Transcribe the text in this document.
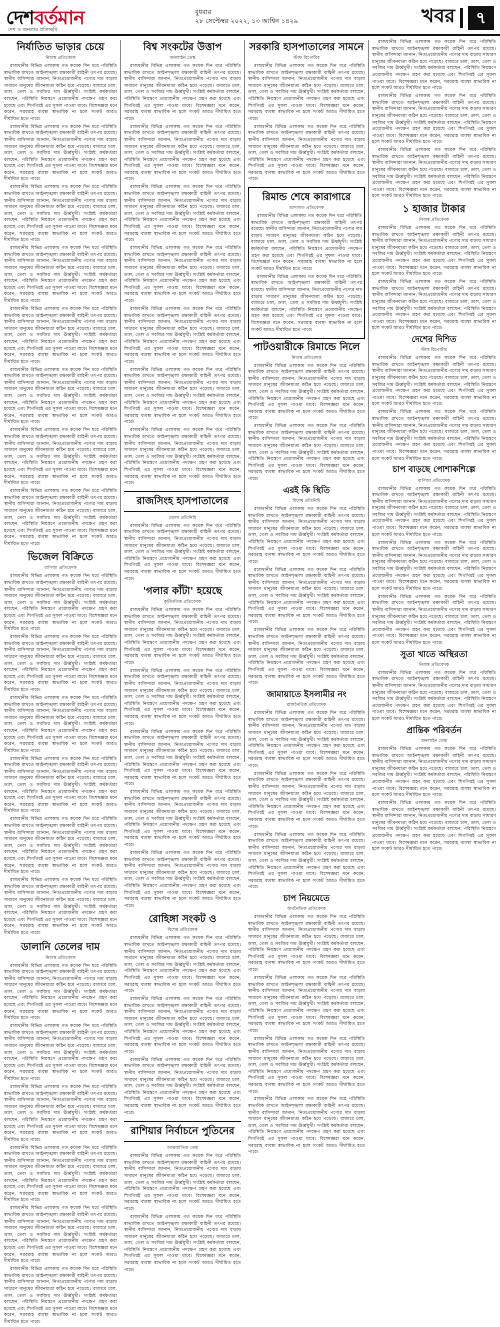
দেশবর্তমান
দেশ ও জনতার প্রতিচ্ছবি
বুধবার
২৮ সেপ্টেম্বর ২০২২, ১৩ আশ্বিন ১৪২৯	খবর	৭
নির্যাতিত ভাড়ার চেয়ে
নিজস্ব প্রতিবেদক

রাজধানীর বিভিন্ন এলাকায় গত কয়েক দিন ধরে পরিস্থিতি স্বাভাবিক রাখতে আইনশৃঙ্খলা রক্ষাকারী বাহিনী তৎপর রয়েছে। স্থানীয় বাসিন্দারা জানান, নিত্যপ্রয়োজনীয় পণ্যের দাম বাড়ায় সাধারণ মানুষের জীবনযাত্রা কঠিন হয়ে পড়েছে। বাজারে চাল, ডাল, তেল ও সবজির দাম ঊর্ধ্বমুখী। সংশ্লিষ্ট কর্মকর্তারা বলছেন, পরিস্থিতি নিয়ন্ত্রণে প্রয়োজনীয় পদক্ষেপ গ্রহণ করা হয়েছে এবং শিগগিরই এর সুফল পাওয়া যাবে। বিশেষজ্ঞরা মনে করেন, সরবরাহ ব্যবস্থা স্বাভাবিক না হলে সংকট আরও দীর্ঘায়িত হতে পারে।

রাজধানীর বিভিন্ন এলাকায় গত কয়েক দিন ধরে পরিস্থিতি স্বাভাবিক রাখতে আইনশৃঙ্খলা রক্ষাকারী বাহিনী তৎপর রয়েছে। স্থানীয় বাসিন্দারা জানান, নিত্যপ্রয়োজনীয় পণ্যের দাম বাড়ায় সাধারণ মানুষের জীবনযাত্রা কঠিন হয়ে পড়েছে। বাজারে চাল, ডাল, তেল ও সবজির দাম ঊর্ধ্বমুখী। সংশ্লিষ্ট কর্মকর্তারা বলছেন, পরিস্থিতি নিয়ন্ত্রণে প্রয়োজনীয় পদক্ষেপ গ্রহণ করা হয়েছে এবং শিগগিরই এর সুফল পাওয়া যাবে। বিশেষজ্ঞরা মনে করেন, সরবরাহ ব্যবস্থা স্বাভাবিক না হলে সংকট আরও দীর্ঘায়িত হতে পারে।

রাজধানীর বিভিন্ন এলাকায় গত কয়েক দিন ধরে পরিস্থিতি স্বাভাবিক রাখতে আইনশৃঙ্খলা রক্ষাকারী বাহিনী তৎপর রয়েছে। স্থানীয় বাসিন্দারা জানান, নিত্যপ্রয়োজনীয় পণ্যের দাম বাড়ায় সাধারণ মানুষের জীবনযাত্রা কঠিন হয়ে পড়েছে। বাজারে চাল, ডাল, তেল ও সবজির দাম ঊর্ধ্বমুখী। সংশ্লিষ্ট কর্মকর্তারা বলছেন, পরিস্থিতি নিয়ন্ত্রণে প্রয়োজনীয় পদক্ষেপ গ্রহণ করা হয়েছে এবং শিগগিরই এর সুফল পাওয়া যাবে। বিশেষজ্ঞরা মনে করেন, সরবরাহ ব্যবস্থা স্বাভাবিক না হলে সংকট আরও দীর্ঘায়িত হতে পারে।

রাজধানীর বিভিন্ন এলাকায় গত কয়েক দিন ধরে পরিস্থিতি স্বাভাবিক রাখতে আইনশৃঙ্খলা রক্ষাকারী বাহিনী তৎপর রয়েছে। স্থানীয় বাসিন্দারা জানান, নিত্যপ্রয়োজনীয় পণ্যের দাম বাড়ায় সাধারণ মানুষের জীবনযাত্রা কঠিন হয়ে পড়েছে। বাজারে চাল, ডাল, তেল ও সবজির দাম ঊর্ধ্বমুখী। সংশ্লিষ্ট কর্মকর্তারা বলছেন, পরিস্থিতি নিয়ন্ত্রণে প্রয়োজনীয় পদক্ষেপ গ্রহণ করা হয়েছে এবং শিগগিরই এর সুফল পাওয়া যাবে। বিশেষজ্ঞরা মনে করেন, সরবরাহ ব্যবস্থা স্বাভাবিক না হলে সংকট আরও দীর্ঘায়িত হতে পারে।

রাজধানীর বিভিন্ন এলাকায় গত কয়েক দিন ধরে পরিস্থিতি স্বাভাবিক রাখতে আইনশৃঙ্খলা রক্ষাকারী বাহিনী তৎপর রয়েছে। স্থানীয় বাসিন্দারা জানান, নিত্যপ্রয়োজনীয় পণ্যের দাম বাড়ায় সাধারণ মানুষের জীবনযাত্রা কঠিন হয়ে পড়েছে। বাজারে চাল, ডাল, তেল ও সবজির দাম ঊর্ধ্বমুখী। সংশ্লিষ্ট কর্মকর্তারা বলছেন, পরিস্থিতি নিয়ন্ত্রণে প্রয়োজনীয় পদক্ষেপ গ্রহণ করা হয়েছে এবং শিগগিরই এর সুফল পাওয়া যাবে। বিশেষজ্ঞরা মনে করেন, সরবরাহ ব্যবস্থা স্বাভাবিক না হলে সংকট আরও দীর্ঘায়িত হতে পারে।

রাজধানীর বিভিন্ন এলাকায় গত কয়েক দিন ধরে পরিস্থিতি স্বাভাবিক রাখতে আইনশৃঙ্খলা রক্ষাকারী বাহিনী তৎপর রয়েছে। স্থানীয় বাসিন্দারা জানান, নিত্যপ্রয়োজনীয় পণ্যের দাম বাড়ায় সাধারণ মানুষের জীবনযাত্রা কঠিন হয়ে পড়েছে। বাজারে চাল, ডাল, তেল ও সবজির দাম ঊর্ধ্বমুখী। সংশ্লিষ্ট কর্মকর্তারা বলছেন, পরিস্থিতি নিয়ন্ত্রণে প্রয়োজনীয় পদক্ষেপ গ্রহণ করা হয়েছে এবং শিগগিরই এর সুফল পাওয়া যাবে। বিশেষজ্ঞরা মনে করেন, সরবরাহ ব্যবস্থা স্বাভাবিক না হলে সংকট আরও দীর্ঘায়িত হতে পারে।

রাজধানীর বিভিন্ন এলাকায় গত কয়েক দিন ধরে পরিস্থিতি স্বাভাবিক রাখতে আইনশৃঙ্খলা রক্ষাকারী বাহিনী তৎপর রয়েছে। স্থানীয় বাসিন্দারা জানান, নিত্যপ্রয়োজনীয় পণ্যের দাম বাড়ায় সাধারণ মানুষের জীবনযাত্রা কঠিন হয়ে পড়েছে। বাজারে চাল, ডাল, তেল ও সবজির দাম ঊর্ধ্বমুখী। সংশ্লিষ্ট কর্মকর্তারা বলছেন, পরিস্থিতি নিয়ন্ত্রণে প্রয়োজনীয় পদক্ষেপ গ্রহণ করা হয়েছে এবং শিগগিরই এর সুফল পাওয়া যাবে। বিশেষজ্ঞরা মনে করেন, সরবরাহ ব্যবস্থা স্বাভাবিক না হলে সংকট আরও দীর্ঘায়িত হতে পারে।

রাজধানীর বিভিন্ন এলাকায় গত কয়েক দিন ধরে পরিস্থিতি স্বাভাবিক রাখতে আইনশৃঙ্খলা রক্ষাকারী বাহিনী তৎপর রয়েছে। স্থানীয় বাসিন্দারা জানান, নিত্যপ্রয়োজনীয় পণ্যের দাম বাড়ায় সাধারণ মানুষের জীবনযাত্রা কঠিন হয়ে পড়েছে। বাজারে চাল, ডাল, তেল ও সবজির দাম ঊর্ধ্বমুখী। সংশ্লিষ্ট কর্মকর্তারা বলছেন, পরিস্থিতি নিয়ন্ত্রণে প্রয়োজনীয় পদক্ষেপ গ্রহণ করা হয়েছে এবং শিগগিরই এর সুফল পাওয়া যাবে। বিশেষজ্ঞরা মনে করেন, সরবরাহ ব্যবস্থা স্বাভাবিক না হলে সংকট আরও দীর্ঘায়িত হতে পারে।

ভিজেল বিক্রিতে
বাণিজ্য প্রতিবেদক

রাজধানীর বিভিন্ন এলাকায় গত কয়েক দিন ধরে পরিস্থিতি স্বাভাবিক রাখতে আইনশৃঙ্খলা রক্ষাকারী বাহিনী তৎপর রয়েছে। স্থানীয় বাসিন্দারা জানান, নিত্যপ্রয়োজনীয় পণ্যের দাম বাড়ায় সাধারণ মানুষের জীবনযাত্রা কঠিন হয়ে পড়েছে। বাজারে চাল, ডাল, তেল ও সবজির দাম ঊর্ধ্বমুখী। সংশ্লিষ্ট কর্মকর্তারা বলছেন, পরিস্থিতি নিয়ন্ত্রণে প্রয়োজনীয় পদক্ষেপ গ্রহণ করা হয়েছে এবং শিগগিরই এর সুফল পাওয়া যাবে। বিশেষজ্ঞরা মনে করেন, সরবরাহ ব্যবস্থা স্বাভাবিক না হলে সংকট আরও দীর্ঘায়িত হতে পারে।

রাজধানীর বিভিন্ন এলাকায় গত কয়েক দিন ধরে পরিস্থিতি স্বাভাবিক রাখতে আইনশৃঙ্খলা রক্ষাকারী বাহিনী তৎপর রয়েছে। স্থানীয় বাসিন্দারা জানান, নিত্যপ্রয়োজনীয় পণ্যের দাম বাড়ায় সাধারণ মানুষের জীবনযাত্রা কঠিন হয়ে পড়েছে। বাজারে চাল, ডাল, তেল ও সবজির দাম ঊর্ধ্বমুখী। সংশ্লিষ্ট কর্মকর্তারা বলছেন, পরিস্থিতি নিয়ন্ত্রণে প্রয়োজনীয় পদক্ষেপ গ্রহণ করা হয়েছে এবং শিগগিরই এর সুফল পাওয়া যাবে। বিশেষজ্ঞরা মনে করেন, সরবরাহ ব্যবস্থা স্বাভাবিক না হলে সংকট আরও দীর্ঘায়িত হতে পারে।

রাজধানীর বিভিন্ন এলাকায় গত কয়েক দিন ধরে পরিস্থিতি স্বাভাবিক রাখতে আইনশৃঙ্খলা রক্ষাকারী বাহিনী তৎপর রয়েছে। স্থানীয় বাসিন্দারা জানান, নিত্যপ্রয়োজনীয় পণ্যের দাম বাড়ায় সাধারণ মানুষের জীবনযাত্রা কঠিন হয়ে পড়েছে। বাজারে চাল, ডাল, তেল ও সবজির দাম ঊর্ধ্বমুখী। সংশ্লিষ্ট কর্মকর্তারা বলছেন, পরিস্থিতি নিয়ন্ত্রণে প্রয়োজনীয় পদক্ষেপ গ্রহণ করা হয়েছে এবং শিগগিরই এর সুফল পাওয়া যাবে। বিশেষজ্ঞরা মনে করেন, সরবরাহ ব্যবস্থা স্বাভাবিক না হলে সংকট আরও দীর্ঘায়িত হতে পারে।

রাজধানীর বিভিন্ন এলাকায় গত কয়েক দিন ধরে পরিস্থিতি স্বাভাবিক রাখতে আইনশৃঙ্খলা রক্ষাকারী বাহিনী তৎপর রয়েছে। স্থানীয় বাসিন্দারা জানান, নিত্যপ্রয়োজনীয় পণ্যের দাম বাড়ায় সাধারণ মানুষের জীবনযাত্রা কঠিন হয়ে পড়েছে। বাজারে চাল, ডাল, তেল ও সবজির দাম ঊর্ধ্বমুখী। সংশ্লিষ্ট কর্মকর্তারা বলছেন, পরিস্থিতি নিয়ন্ত্রণে প্রয়োজনীয় পদক্ষেপ গ্রহণ করা হয়েছে এবং শিগগিরই এর সুফল পাওয়া যাবে। বিশেষজ্ঞরা মনে করেন, সরবরাহ ব্যবস্থা স্বাভাবিক না হলে সংকট আরও দীর্ঘায়িত হতে পারে।

রাজধানীর বিভিন্ন এলাকায় গত কয়েক দিন ধরে পরিস্থিতি স্বাভাবিক রাখতে আইনশৃঙ্খলা রক্ষাকারী বাহিনী তৎপর রয়েছে। স্থানীয় বাসিন্দারা জানান, নিত্যপ্রয়োজনীয় পণ্যের দাম বাড়ায় সাধারণ মানুষের জীবনযাত্রা কঠিন হয়ে পড়েছে। বাজারে চাল, ডাল, তেল ও সবজির দাম ঊর্ধ্বমুখী। সংশ্লিষ্ট কর্মকর্তারা বলছেন, পরিস্থিতি নিয়ন্ত্রণে প্রয়োজনীয় পদক্ষেপ গ্রহণ করা হয়েছে এবং শিগগিরই এর সুফল পাওয়া যাবে। বিশেষজ্ঞরা মনে করেন, সরবরাহ ব্যবস্থা স্বাভাবিক না হলে সংকট আরও দীর্ঘায়িত হতে পারে।

রাজধানীর বিভিন্ন এলাকায় গত কয়েক দিন ধরে পরিস্থিতি স্বাভাবিক রাখতে আইনশৃঙ্খলা রক্ষাকারী বাহিনী তৎপর রয়েছে। স্থানীয় বাসিন্দারা জানান, নিত্যপ্রয়োজনীয় পণ্যের দাম বাড়ায় সাধারণ মানুষের জীবনযাত্রা কঠিন হয়ে পড়েছে। বাজারে চাল, ডাল, তেল ও সবজির দাম ঊর্ধ্বমুখী। সংশ্লিষ্ট কর্মকর্তারা বলছেন, পরিস্থিতি নিয়ন্ত্রণে প্রয়োজনীয় পদক্ষেপ গ্রহণ করা হয়েছে এবং শিগগিরই এর সুফল পাওয়া যাবে। বিশেষজ্ঞরা মনে করেন, সরবরাহ ব্যবস্থা স্বাভাবিক না হলে সংকট আরও দীর্ঘায়িত হতে পারে।

ডালানি তেলের দাম
নিজস্ব প্রতিবেদক

রাজধানীর বিভিন্ন এলাকায় গত কয়েক দিন ধরে পরিস্থিতি স্বাভাবিক রাখতে আইনশৃঙ্খলা রক্ষাকারী বাহিনী তৎপর রয়েছে। স্থানীয় বাসিন্দারা জানান, নিত্যপ্রয়োজনীয় পণ্যের দাম বাড়ায় সাধারণ মানুষের জীবনযাত্রা কঠিন হয়ে পড়েছে। বাজারে চাল, ডাল, তেল ও সবজির দাম ঊর্ধ্বমুখী। সংশ্লিষ্ট কর্মকর্তারা বলছেন, পরিস্থিতি নিয়ন্ত্রণে প্রয়োজনীয় পদক্ষেপ গ্রহণ করা হয়েছে এবং শিগগিরই এর সুফল পাওয়া যাবে। বিশেষজ্ঞরা মনে করেন, সরবরাহ ব্যবস্থা স্বাভাবিক না হলে সংকট আরও দীর্ঘায়িত হতে পারে।

রাজধানীর বিভিন্ন এলাকায় গত কয়েক দিন ধরে পরিস্থিতি স্বাভাবিক রাখতে আইনশৃঙ্খলা রক্ষাকারী বাহিনী তৎপর রয়েছে। স্থানীয় বাসিন্দারা জানান, নিত্যপ্রয়োজনীয় পণ্যের দাম বাড়ায় সাধারণ মানুষের জীবনযাত্রা কঠিন হয়ে পড়েছে। বাজারে চাল, ডাল, তেল ও সবজির দাম ঊর্ধ্বমুখী। সংশ্লিষ্ট কর্মকর্তারা বলছেন, পরিস্থিতি নিয়ন্ত্রণে প্রয়োজনীয় পদক্ষেপ গ্রহণ করা হয়েছে এবং শিগগিরই এর সুফল পাওয়া যাবে। বিশেষজ্ঞরা মনে করেন, সরবরাহ ব্যবস্থা স্বাভাবিক না হলে সংকট আরও দীর্ঘায়িত হতে পারে।

রাজধানীর বিভিন্ন এলাকায় গত কয়েক দিন ধরে পরিস্থিতি স্বাভাবিক রাখতে আইনশৃঙ্খলা রক্ষাকারী বাহিনী তৎপর রয়েছে। স্থানীয় বাসিন্দারা জানান, নিত্যপ্রয়োজনীয় পণ্যের দাম বাড়ায় সাধারণ মানুষের জীবনযাত্রা কঠিন হয়ে পড়েছে। বাজারে চাল, ডাল, তেল ও সবজির দাম ঊর্ধ্বমুখী। সংশ্লিষ্ট কর্মকর্তারা বলছেন, পরিস্থিতি নিয়ন্ত্রণে প্রয়োজনীয় পদক্ষেপ গ্রহণ করা হয়েছে এবং শিগগিরই এর সুফল পাওয়া যাবে। বিশেষজ্ঞরা মনে করেন, সরবরাহ ব্যবস্থা স্বাভাবিক না হলে সংকট আরও দীর্ঘায়িত হতে পারে।

রাজধানীর বিভিন্ন এলাকায় গত কয়েক দিন ধরে পরিস্থিতি স্বাভাবিক রাখতে আইনশৃঙ্খলা রক্ষাকারী বাহিনী তৎপর রয়েছে। স্থানীয় বাসিন্দারা জানান, নিত্যপ্রয়োজনীয় পণ্যের দাম বাড়ায় সাধারণ মানুষের জীবনযাত্রা কঠিন হয়ে পড়েছে। বাজারে চাল, ডাল, তেল ও সবজির দাম ঊর্ধ্বমুখী। সংশ্লিষ্ট কর্মকর্তারা বলছেন, পরিস্থিতি নিয়ন্ত্রণে প্রয়োজনীয় পদক্ষেপ গ্রহণ করা হয়েছে এবং শিগগিরই এর সুফল পাওয়া যাবে। বিশেষজ্ঞরা মনে করেন, সরবরাহ ব্যবস্থা স্বাভাবিক না হলে সংকট আরও দীর্ঘায়িত হতে পারে।

রাজধানীর বিভিন্ন এলাকায় গত কয়েক দিন ধরে পরিস্থিতি স্বাভাবিক রাখতে আইনশৃঙ্খলা রক্ষাকারী বাহিনী তৎপর রয়েছে। স্থানীয় বাসিন্দারা জানান, নিত্যপ্রয়োজনীয় পণ্যের দাম বাড়ায় সাধারণ মানুষের জীবনযাত্রা কঠিন হয়ে পড়েছে। বাজারে চাল, ডাল, তেল ও সবজির দাম ঊর্ধ্বমুখী। সংশ্লিষ্ট কর্মকর্তারা বলছেন, পরিস্থিতি নিয়ন্ত্রণে প্রয়োজনীয় পদক্ষেপ গ্রহণ করা হয়েছে এবং শিগগিরই এর সুফল পাওয়া যাবে। বিশেষজ্ঞরা মনে করেন, সরবরাহ ব্যবস্থা স্বাভাবিক না হলে সংকট আরও দীর্ঘায়িত হতে পারে।

রাজধানীর বিভিন্ন এলাকায় গত কয়েক দিন ধরে পরিস্থিতি স্বাভাবিক রাখতে আইনশৃঙ্খলা রক্ষাকারী বাহিনী তৎপর রয়েছে। স্থানীয় বাসিন্দারা জানান, নিত্যপ্রয়োজনীয় পণ্যের দাম বাড়ায় সাধারণ মানুষের জীবনযাত্রা কঠিন হয়ে পড়েছে। বাজারে চাল, ডাল, তেল ও সবজির দাম ঊর্ধ্বমুখী। সংশ্লিষ্ট কর্মকর্তারা বলছেন, পরিস্থিতি নিয়ন্ত্রণে প্রয়োজনীয় পদক্ষেপ গ্রহণ করা হয়েছে এবং শিগগিরই এর সুফল পাওয়া যাবে। বিশেষজ্ঞরা মনে করেন, সরবরাহ ব্যবস্থা স্বাভাবিক না হলে সংকট আরও দীর্ঘায়িত হতে পারে।

বিশ্ব সংকটের উত্তাপ
অনলাইন ডেস্ক

রাজধানীর বিভিন্ন এলাকায় গত কয়েক দিন ধরে পরিস্থিতি স্বাভাবিক রাখতে আইনশৃঙ্খলা রক্ষাকারী বাহিনী তৎপর রয়েছে। স্থানীয় বাসিন্দারা জানান, নিত্যপ্রয়োজনীয় পণ্যের দাম বাড়ায় সাধারণ মানুষের জীবনযাত্রা কঠিন হয়ে পড়েছে। বাজারে চাল, ডাল, তেল ও সবজির দাম ঊর্ধ্বমুখী। সংশ্লিষ্ট কর্মকর্তারা বলছেন, পরিস্থিতি নিয়ন্ত্রণে প্রয়োজনীয় পদক্ষেপ গ্রহণ করা হয়েছে এবং শিগগিরই এর সুফল পাওয়া যাবে। বিশেষজ্ঞরা মনে করেন, সরবরাহ ব্যবস্থা স্বাভাবিক না হলে সংকট আরও দীর্ঘায়িত হতে পারে।

রাজধানীর বিভিন্ন এলাকায় গত কয়েক দিন ধরে পরিস্থিতি স্বাভাবিক রাখতে আইনশৃঙ্খলা রক্ষাকারী বাহিনী তৎপর রয়েছে। স্থানীয় বাসিন্দারা জানান, নিত্যপ্রয়োজনীয় পণ্যের দাম বাড়ায় সাধারণ মানুষের জীবনযাত্রা কঠিন হয়ে পড়েছে। বাজারে চাল, ডাল, তেল ও সবজির দাম ঊর্ধ্বমুখী। সংশ্লিষ্ট কর্মকর্তারা বলছেন, পরিস্থিতি নিয়ন্ত্রণে প্রয়োজনীয় পদক্ষেপ গ্রহণ করা হয়েছে এবং শিগগিরই এর সুফল পাওয়া যাবে। বিশেষজ্ঞরা মনে করেন, সরবরাহ ব্যবস্থা স্বাভাবিক না হলে সংকট আরও দীর্ঘায়িত হতে পারে।

রাজধানীর বিভিন্ন এলাকায় গত কয়েক দিন ধরে পরিস্থিতি স্বাভাবিক রাখতে আইনশৃঙ্খলা রক্ষাকারী বাহিনী তৎপর রয়েছে। স্থানীয় বাসিন্দারা জানান, নিত্যপ্রয়োজনীয় পণ্যের দাম বাড়ায় সাধারণ মানুষের জীবনযাত্রা কঠিন হয়ে পড়েছে। বাজারে চাল, ডাল, তেল ও সবজির দাম ঊর্ধ্বমুখী। সংশ্লিষ্ট কর্মকর্তারা বলছেন, পরিস্থিতি নিয়ন্ত্রণে প্রয়োজনীয় পদক্ষেপ গ্রহণ করা হয়েছে এবং শিগগিরই এর সুফল পাওয়া যাবে। বিশেষজ্ঞরা মনে করেন, সরবরাহ ব্যবস্থা স্বাভাবিক না হলে সংকট আরও দীর্ঘায়িত হতে পারে।

রাজধানীর বিভিন্ন এলাকায় গত কয়েক দিন ধরে পরিস্থিতি স্বাভাবিক রাখতে আইনশৃঙ্খলা রক্ষাকারী বাহিনী তৎপর রয়েছে। স্থানীয় বাসিন্দারা জানান, নিত্যপ্রয়োজনীয় পণ্যের দাম বাড়ায় সাধারণ মানুষের জীবনযাত্রা কঠিন হয়ে পড়েছে। বাজারে চাল, ডাল, তেল ও সবজির দাম ঊর্ধ্বমুখী। সংশ্লিষ্ট কর্মকর্তারা বলছেন, পরিস্থিতি নিয়ন্ত্রণে প্রয়োজনীয় পদক্ষেপ গ্রহণ করা হয়েছে এবং শিগগিরই এর সুফল পাওয়া যাবে। বিশেষজ্ঞরা মনে করেন, সরবরাহ ব্যবস্থা স্বাভাবিক না হলে সংকট আরও দীর্ঘায়িত হতে পারে।

রাজধানীর বিভিন্ন এলাকায় গত কয়েক দিন ধরে পরিস্থিতি স্বাভাবিক রাখতে আইনশৃঙ্খলা রক্ষাকারী বাহিনী তৎপর রয়েছে। স্থানীয় বাসিন্দারা জানান, নিত্যপ্রয়োজনীয় পণ্যের দাম বাড়ায় সাধারণ মানুষের জীবনযাত্রা কঠিন হয়ে পড়েছে। বাজারে চাল, ডাল, তেল ও সবজির দাম ঊর্ধ্বমুখী। সংশ্লিষ্ট কর্মকর্তারা বলছেন, পরিস্থিতি নিয়ন্ত্রণে প্রয়োজনীয় পদক্ষেপ গ্রহণ করা হয়েছে এবং শিগগিরই এর সুফল পাওয়া যাবে। বিশেষজ্ঞরা মনে করেন, সরবরাহ ব্যবস্থা স্বাভাবিক না হলে সংকট আরও দীর্ঘায়িত হতে পারে।

রাজধানীর বিভিন্ন এলাকায় গত কয়েক দিন ধরে পরিস্থিতি স্বাভাবিক রাখতে আইনশৃঙ্খলা রক্ষাকারী বাহিনী তৎপর রয়েছে। স্থানীয় বাসিন্দারা জানান, নিত্যপ্রয়োজনীয় পণ্যের দাম বাড়ায় সাধারণ মানুষের জীবনযাত্রা কঠিন হয়ে পড়েছে। বাজারে চাল, ডাল, তেল ও সবজির দাম ঊর্ধ্বমুখী। সংশ্লিষ্ট কর্মকর্তারা বলছেন, পরিস্থিতি নিয়ন্ত্রণে প্রয়োজনীয় পদক্ষেপ গ্রহণ করা হয়েছে এবং শিগগিরই এর সুফল পাওয়া যাবে। বিশেষজ্ঞরা মনে করেন, সরবরাহ ব্যবস্থা স্বাভাবিক না হলে সংকট আরও দীর্ঘায়িত হতে পারে।

রাজধানীর বিভিন্ন এলাকায় গত কয়েক দিন ধরে পরিস্থিতি স্বাভাবিক রাখতে আইনশৃঙ্খলা রক্ষাকারী বাহিনী তৎপর রয়েছে। স্থানীয় বাসিন্দারা জানান, নিত্যপ্রয়োজনীয় পণ্যের দাম বাড়ায় সাধারণ মানুষের জীবনযাত্রা কঠিন হয়ে পড়েছে। বাজারে চাল, ডাল, তেল ও সবজির দাম ঊর্ধ্বমুখী। সংশ্লিষ্ট কর্মকর্তারা বলছেন, পরিস্থিতি নিয়ন্ত্রণে প্রয়োজনীয় পদক্ষেপ গ্রহণ করা হয়েছে এবং শিগগিরই এর সুফল পাওয়া যাবে। বিশেষজ্ঞরা মনে করেন, সরবরাহ ব্যবস্থা স্বাভাবিক না হলে সংকট আরও দীর্ঘায়িত হতে পারে।

রাজসিংহ হাসপাতালের
জেলা প্রতিনিধি

রাজধানীর বিভিন্ন এলাকায় গত কয়েক দিন ধরে পরিস্থিতি স্বাভাবিক রাখতে আইনশৃঙ্খলা রক্ষাকারী বাহিনী তৎপর রয়েছে। স্থানীয় বাসিন্দারা জানান, নিত্যপ্রয়োজনীয় পণ্যের দাম বাড়ায় সাধারণ মানুষের জীবনযাত্রা কঠিন হয়ে পড়েছে। বাজারে চাল, ডাল, তেল ও সবজির দাম ঊর্ধ্বমুখী। সংশ্লিষ্ট কর্মকর্তারা বলছেন, পরিস্থিতি নিয়ন্ত্রণে প্রয়োজনীয় পদক্ষেপ গ্রহণ করা হয়েছে এবং শিগগিরই এর সুফল পাওয়া যাবে। বিশেষজ্ঞরা মনে করেন, সরবরাহ ব্যবস্থা স্বাভাবিক না হলে সংকট আরও দীর্ঘায়িত হতে পারে।

'গলার কাঁটা' হয়েছে
কূটনৈতিক প্রতিবেদক

রাজধানীর বিভিন্ন এলাকায় গত কয়েক দিন ধরে পরিস্থিতি স্বাভাবিক রাখতে আইনশৃঙ্খলা রক্ষাকারী বাহিনী তৎপর রয়েছে। স্থানীয় বাসিন্দারা জানান, নিত্যপ্রয়োজনীয় পণ্যের দাম বাড়ায় সাধারণ মানুষের জীবনযাত্রা কঠিন হয়ে পড়েছে। বাজারে চাল, ডাল, তেল ও সবজির দাম ঊর্ধ্বমুখী। সংশ্লিষ্ট কর্মকর্তারা বলছেন, পরিস্থিতি নিয়ন্ত্রণে প্রয়োজনীয় পদক্ষেপ গ্রহণ করা হয়েছে এবং শিগগিরই এর সুফল পাওয়া যাবে। বিশেষজ্ঞরা মনে করেন, সরবরাহ ব্যবস্থা স্বাভাবিক না হলে সংকট আরও দীর্ঘায়িত হতে পারে।

রাজধানীর বিভিন্ন এলাকায় গত কয়েক দিন ধরে পরিস্থিতি স্বাভাবিক রাখতে আইনশৃঙ্খলা রক্ষাকারী বাহিনী তৎপর রয়েছে। স্থানীয় বাসিন্দারা জানান, নিত্যপ্রয়োজনীয় পণ্যের দাম বাড়ায় সাধারণ মানুষের জীবনযাত্রা কঠিন হয়ে পড়েছে। বাজারে চাল, ডাল, তেল ও সবজির দাম ঊর্ধ্বমুখী। সংশ্লিষ্ট কর্মকর্তারা বলছেন, পরিস্থিতি নিয়ন্ত্রণে প্রয়োজনীয় পদক্ষেপ গ্রহণ করা হয়েছে এবং শিগগিরই এর সুফল পাওয়া যাবে। বিশেষজ্ঞরা মনে করেন, সরবরাহ ব্যবস্থা স্বাভাবিক না হলে সংকট আরও দীর্ঘায়িত হতে পারে।

রাজধানীর বিভিন্ন এলাকায় গত কয়েক দিন ধরে পরিস্থিতি স্বাভাবিক রাখতে আইনশৃঙ্খলা রক্ষাকারী বাহিনী তৎপর রয়েছে। স্থানীয় বাসিন্দারা জানান, নিত্যপ্রয়োজনীয় পণ্যের দাম বাড়ায় সাধারণ মানুষের জীবনযাত্রা কঠিন হয়ে পড়েছে। বাজারে চাল, ডাল, তেল ও সবজির দাম ঊর্ধ্বমুখী। সংশ্লিষ্ট কর্মকর্তারা বলছেন, পরিস্থিতি নিয়ন্ত্রণে প্রয়োজনীয় পদক্ষেপ গ্রহণ করা হয়েছে এবং শিগগিরই এর সুফল পাওয়া যাবে। বিশেষজ্ঞরা মনে করেন, সরবরাহ ব্যবস্থা স্বাভাবিক না হলে সংকট আরও দীর্ঘায়িত হতে পারে।

রাজধানীর বিভিন্ন এলাকায় গত কয়েক দিন ধরে পরিস্থিতি স্বাভাবিক রাখতে আইনশৃঙ্খলা রক্ষাকারী বাহিনী তৎপর রয়েছে। স্থানীয় বাসিন্দারা জানান, নিত্যপ্রয়োজনীয় পণ্যের দাম বাড়ায় সাধারণ মানুষের জীবনযাত্রা কঠিন হয়ে পড়েছে। বাজারে চাল, ডাল, তেল ও সবজির দাম ঊর্ধ্বমুখী। সংশ্লিষ্ট কর্মকর্তারা বলছেন, পরিস্থিতি নিয়ন্ত্রণে প্রয়োজনীয় পদক্ষেপ গ্রহণ করা হয়েছে এবং শিগগিরই এর সুফল পাওয়া যাবে। বিশেষজ্ঞরা মনে করেন, সরবরাহ ব্যবস্থা স্বাভাবিক না হলে সংকট আরও দীর্ঘায়িত হতে পারে।

রাজধানীর বিভিন্ন এলাকায় গত কয়েক দিন ধরে পরিস্থিতি স্বাভাবিক রাখতে আইনশৃঙ্খলা রক্ষাকারী বাহিনী তৎপর রয়েছে। স্থানীয় বাসিন্দারা জানান, নিত্যপ্রয়োজনীয় পণ্যের দাম বাড়ায় সাধারণ মানুষের জীবনযাত্রা কঠিন হয়ে পড়েছে। বাজারে চাল, ডাল, তেল ও সবজির দাম ঊর্ধ্বমুখী। সংশ্লিষ্ট কর্মকর্তারা বলছেন, পরিস্থিতি নিয়ন্ত্রণে প্রয়োজনীয় পদক্ষেপ গ্রহণ করা হয়েছে এবং শিগগিরই এর সুফল পাওয়া যাবে। বিশেষজ্ঞরা মনে করেন, সরবরাহ ব্যবস্থা স্বাভাবিক না হলে সংকট আরও দীর্ঘায়িত হতে পারে।

রোহিঙ্গা সংকট ও
বিশেষ প্রতিবেদক

রাজধানীর বিভিন্ন এলাকায় গত কয়েক দিন ধরে পরিস্থিতি স্বাভাবিক রাখতে আইনশৃঙ্খলা রক্ষাকারী বাহিনী তৎপর রয়েছে। স্থানীয় বাসিন্দারা জানান, নিত্যপ্রয়োজনীয় পণ্যের দাম বাড়ায় সাধারণ মানুষের জীবনযাত্রা কঠিন হয়ে পড়েছে। বাজারে চাল, ডাল, তেল ও সবজির দাম ঊর্ধ্বমুখী। সংশ্লিষ্ট কর্মকর্তারা বলছেন, পরিস্থিতি নিয়ন্ত্রণে প্রয়োজনীয় পদক্ষেপ গ্রহণ করা হয়েছে এবং শিগগিরই এর সুফল পাওয়া যাবে। বিশেষজ্ঞরা মনে করেন, সরবরাহ ব্যবস্থা স্বাভাবিক না হলে সংকট আরও দীর্ঘায়িত হতে পারে।

রাজধানীর বিভিন্ন এলাকায় গত কয়েক দিন ধরে পরিস্থিতি স্বাভাবিক রাখতে আইনশৃঙ্খলা রক্ষাকারী বাহিনী তৎপর রয়েছে। স্থানীয় বাসিন্দারা জানান, নিত্যপ্রয়োজনীয় পণ্যের দাম বাড়ায় সাধারণ মানুষের জীবনযাত্রা কঠিন হয়ে পড়েছে। বাজারে চাল, ডাল, তেল ও সবজির দাম ঊর্ধ্বমুখী। সংশ্লিষ্ট কর্মকর্তারা বলছেন, পরিস্থিতি নিয়ন্ত্রণে প্রয়োজনীয় পদক্ষেপ গ্রহণ করা হয়েছে এবং শিগগিরই এর সুফল পাওয়া যাবে। বিশেষজ্ঞরা মনে করেন, সরবরাহ ব্যবস্থা স্বাভাবিক না হলে সংকট আরও দীর্ঘায়িত হতে পারে।

রাজধানীর বিভিন্ন এলাকায় গত কয়েক দিন ধরে পরিস্থিতি স্বাভাবিক রাখতে আইনশৃঙ্খলা রক্ষাকারী বাহিনী তৎপর রয়েছে। স্থানীয় বাসিন্দারা জানান, নিত্যপ্রয়োজনীয় পণ্যের দাম বাড়ায় সাধারণ মানুষের জীবনযাত্রা কঠিন হয়ে পড়েছে। বাজারে চাল, ডাল, তেল ও সবজির দাম ঊর্ধ্বমুখী। সংশ্লিষ্ট কর্মকর্তারা বলছেন, পরিস্থিতি নিয়ন্ত্রণে প্রয়োজনীয় পদক্ষেপ গ্রহণ করা হয়েছে এবং শিগগিরই এর সুফল পাওয়া যাবে। বিশেষজ্ঞরা মনে করেন, সরবরাহ ব্যবস্থা স্বাভাবিক না হলে সংকট আরও দীর্ঘায়িত হতে পারে।

রাশিয়ার নির্বাচনে পুতিনের
আন্তর্জাতিক ডেস্ক

রাজধানীর বিভিন্ন এলাকায় গত কয়েক দিন ধরে পরিস্থিতি স্বাভাবিক রাখতে আইনশৃঙ্খলা রক্ষাকারী বাহিনী তৎপর রয়েছে। স্থানীয় বাসিন্দারা জানান, নিত্যপ্রয়োজনীয় পণ্যের দাম বাড়ায় সাধারণ মানুষের জীবনযাত্রা কঠিন হয়ে পড়েছে। বাজারে চাল, ডাল, তেল ও সবজির দাম ঊর্ধ্বমুখী। সংশ্লিষ্ট কর্মকর্তারা বলছেন, পরিস্থিতি নিয়ন্ত্রণে প্রয়োজনীয় পদক্ষেপ গ্রহণ করা হয়েছে এবং শিগগিরই এর সুফল পাওয়া যাবে। বিশেষজ্ঞরা মনে করেন, সরবরাহ ব্যবস্থা স্বাভাবিক না হলে সংকট আরও দীর্ঘায়িত হতে পারে।

রাজধানীর বিভিন্ন এলাকায় গত কয়েক দিন ধরে পরিস্থিতি স্বাভাবিক রাখতে আইনশৃঙ্খলা রক্ষাকারী বাহিনী তৎপর রয়েছে। স্থানীয় বাসিন্দারা জানান, নিত্যপ্রয়োজনীয় পণ্যের দাম বাড়ায় সাধারণ মানুষের জীবনযাত্রা কঠিন হয়ে পড়েছে। বাজারে চাল, ডাল, তেল ও সবজির দাম ঊর্ধ্বমুখী। সংশ্লিষ্ট কর্মকর্তারা বলছেন, পরিস্থিতি নিয়ন্ত্রণে প্রয়োজনীয় পদক্ষেপ গ্রহণ করা হয়েছে এবং শিগগিরই এর সুফল পাওয়া যাবে। বিশেষজ্ঞরা মনে করেন, সরবরাহ ব্যবস্থা স্বাভাবিক না হলে সংকট আরও দীর্ঘায়িত হতে পারে।

সরকারি হাসপাতালের সামনে
স্টাফ রিপোর্টার

রাজধানীর বিভিন্ন এলাকায় গত কয়েক দিন ধরে পরিস্থিতি স্বাভাবিক রাখতে আইনশৃঙ্খলা রক্ষাকারী বাহিনী তৎপর রয়েছে। স্থানীয় বাসিন্দারা জানান, নিত্যপ্রয়োজনীয় পণ্যের দাম বাড়ায় সাধারণ মানুষের জীবনযাত্রা কঠিন হয়ে পড়েছে। বাজারে চাল, ডাল, তেল ও সবজির দাম ঊর্ধ্বমুখী। সংশ্লিষ্ট কর্মকর্তারা বলছেন, পরিস্থিতি নিয়ন্ত্রণে প্রয়োজনীয় পদক্ষেপ গ্রহণ করা হয়েছে এবং শিগগিরই এর সুফল পাওয়া যাবে। বিশেষজ্ঞরা মনে করেন, সরবরাহ ব্যবস্থা স্বাভাবিক না হলে সংকট আরও দীর্ঘায়িত হতে পারে।

রাজধানীর বিভিন্ন এলাকায় গত কয়েক দিন ধরে পরিস্থিতি স্বাভাবিক রাখতে আইনশৃঙ্খলা রক্ষাকারী বাহিনী তৎপর রয়েছে। স্থানীয় বাসিন্দারা জানান, নিত্যপ্রয়োজনীয় পণ্যের দাম বাড়ায় সাধারণ মানুষের জীবনযাত্রা কঠিন হয়ে পড়েছে। বাজারে চাল, ডাল, তেল ও সবজির দাম ঊর্ধ্বমুখী। সংশ্লিষ্ট কর্মকর্তারা বলছেন, পরিস্থিতি নিয়ন্ত্রণে প্রয়োজনীয় পদক্ষেপ গ্রহণ করা হয়েছে এবং শিগগিরই এর সুফল পাওয়া যাবে। বিশেষজ্ঞরা মনে করেন, সরবরাহ ব্যবস্থা স্বাভাবিক না হলে সংকট আরও দীর্ঘায়িত হতে পারে।

রিমান্ড শেষে কারাগারে
আদালত প্রতিবেদক

রাজধানীর বিভিন্ন এলাকায় গত কয়েক দিন ধরে পরিস্থিতি স্বাভাবিক রাখতে আইনশৃঙ্খলা রক্ষাকারী বাহিনী তৎপর রয়েছে। স্থানীয় বাসিন্দারা জানান, নিত্যপ্রয়োজনীয় পণ্যের দাম বাড়ায় সাধারণ মানুষের জীবনযাত্রা কঠিন হয়ে পড়েছে। বাজারে চাল, ডাল, তেল ও সবজির দাম ঊর্ধ্বমুখী। সংশ্লিষ্ট কর্মকর্তারা বলছেন, পরিস্থিতি নিয়ন্ত্রণে প্রয়োজনীয় পদক্ষেপ গ্রহণ করা হয়েছে এবং শিগগিরই এর সুফল পাওয়া যাবে। বিশেষজ্ঞরা মনে করেন, সরবরাহ ব্যবস্থা স্বাভাবিক না হলে সংকট আরও দীর্ঘায়িত হতে পারে।

রাজধানীর বিভিন্ন এলাকায় গত কয়েক দিন ধরে পরিস্থিতি স্বাভাবিক রাখতে আইনশৃঙ্খলা রক্ষাকারী বাহিনী তৎপর রয়েছে। স্থানীয় বাসিন্দারা জানান, নিত্যপ্রয়োজনীয় পণ্যের দাম বাড়ায় সাধারণ মানুষের জীবনযাত্রা কঠিন হয়ে পড়েছে। বাজারে চাল, ডাল, তেল ও সবজির দাম ঊর্ধ্বমুখী। সংশ্লিষ্ট কর্মকর্তারা বলছেন, পরিস্থিতি নিয়ন্ত্রণে প্রয়োজনীয় পদক্ষেপ গ্রহণ করা হয়েছে এবং শিগগিরই এর সুফল পাওয়া যাবে। বিশেষজ্ঞরা মনে করেন, সরবরাহ ব্যবস্থা স্বাভাবিক না হলে সংকট আরও দীর্ঘায়িত হতে পারে।

পাটওয়ারীকে রিমান্ডে নিলে
নিজস্ব প্রতিবেদক

রাজধানীর বিভিন্ন এলাকায় গত কয়েক দিন ধরে পরিস্থিতি স্বাভাবিক রাখতে আইনশৃঙ্খলা রক্ষাকারী বাহিনী তৎপর রয়েছে। স্থানীয় বাসিন্দারা জানান, নিত্যপ্রয়োজনীয় পণ্যের দাম বাড়ায় সাধারণ মানুষের জীবনযাত্রা কঠিন হয়ে পড়েছে। বাজারে চাল, ডাল, তেল ও সবজির দাম ঊর্ধ্বমুখী। সংশ্লিষ্ট কর্মকর্তারা বলছেন, পরিস্থিতি নিয়ন্ত্রণে প্রয়োজনীয় পদক্ষেপ গ্রহণ করা হয়েছে এবং শিগগিরই এর সুফল পাওয়া যাবে। বিশেষজ্ঞরা মনে করেন, সরবরাহ ব্যবস্থা স্বাভাবিক না হলে সংকট আরও দীর্ঘায়িত হতে পারে।

রাজধানীর বিভিন্ন এলাকায় গত কয়েক দিন ধরে পরিস্থিতি স্বাভাবিক রাখতে আইনশৃঙ্খলা রক্ষাকারী বাহিনী তৎপর রয়েছে। স্থানীয় বাসিন্দারা জানান, নিত্যপ্রয়োজনীয় পণ্যের দাম বাড়ায় সাধারণ মানুষের জীবনযাত্রা কঠিন হয়ে পড়েছে। বাজারে চাল, ডাল, তেল ও সবজির দাম ঊর্ধ্বমুখী। সংশ্লিষ্ট কর্মকর্তারা বলছেন, পরিস্থিতি নিয়ন্ত্রণে প্রয়োজনীয় পদক্ষেপ গ্রহণ করা হয়েছে এবং শিগগিরই এর সুফল পাওয়া যাবে। বিশেষজ্ঞরা মনে করেন, সরবরাহ ব্যবস্থা স্বাভাবিক না হলে সংকট আরও দীর্ঘায়িত হতে পারে।

এরই কি স্থিতি
বিশেষ প্রতিনিধি

রাজধানীর বিভিন্ন এলাকায় গত কয়েক দিন ধরে পরিস্থিতি স্বাভাবিক রাখতে আইনশৃঙ্খলা রক্ষাকারী বাহিনী তৎপর রয়েছে। স্থানীয় বাসিন্দারা জানান, নিত্যপ্রয়োজনীয় পণ্যের দাম বাড়ায় সাধারণ মানুষের জীবনযাত্রা কঠিন হয়ে পড়েছে। বাজারে চাল, ডাল, তেল ও সবজির দাম ঊর্ধ্বমুখী। সংশ্লিষ্ট কর্মকর্তারা বলছেন, পরিস্থিতি নিয়ন্ত্রণে প্রয়োজনীয় পদক্ষেপ গ্রহণ করা হয়েছে এবং শিগগিরই এর সুফল পাওয়া যাবে। বিশেষজ্ঞরা মনে করেন, সরবরাহ ব্যবস্থা স্বাভাবিক না হলে সংকট আরও দীর্ঘায়িত হতে পারে।

রাজধানীর বিভিন্ন এলাকায় গত কয়েক দিন ধরে পরিস্থিতি স্বাভাবিক রাখতে আইনশৃঙ্খলা রক্ষাকারী বাহিনী তৎপর রয়েছে। স্থানীয় বাসিন্দারা জানান, নিত্যপ্রয়োজনীয় পণ্যের দাম বাড়ায় সাধারণ মানুষের জীবনযাত্রা কঠিন হয়ে পড়েছে। বাজারে চাল, ডাল, তেল ও সবজির দাম ঊর্ধ্বমুখী। সংশ্লিষ্ট কর্মকর্তারা বলছেন, পরিস্থিতি নিয়ন্ত্রণে প্রয়োজনীয় পদক্ষেপ গ্রহণ করা হয়েছে এবং শিগগিরই এর সুফল পাওয়া যাবে। বিশেষজ্ঞরা মনে করেন, সরবরাহ ব্যবস্থা স্বাভাবিক না হলে সংকট আরও দীর্ঘায়িত হতে পারে।

রাজধানীর বিভিন্ন এলাকায় গত কয়েক দিন ধরে পরিস্থিতি স্বাভাবিক রাখতে আইনশৃঙ্খলা রক্ষাকারী বাহিনী তৎপর রয়েছে। স্থানীয় বাসিন্দারা জানান, নিত্যপ্রয়োজনীয় পণ্যের দাম বাড়ায় সাধারণ মানুষের জীবনযাত্রা কঠিন হয়ে পড়েছে। বাজারে চাল, ডাল, তেল ও সবজির দাম ঊর্ধ্বমুখী। সংশ্লিষ্ট কর্মকর্তারা বলছেন, পরিস্থিতি নিয়ন্ত্রণে প্রয়োজনীয় পদক্ষেপ গ্রহণ করা হয়েছে এবং শিগগিরই এর সুফল পাওয়া যাবে। বিশেষজ্ঞরা মনে করেন, সরবরাহ ব্যবস্থা স্বাভাবিক না হলে সংকট আরও দীর্ঘায়িত হতে পারে।

জামায়াতে ইসলামীর নং
রাজনৈতিক প্রতিবেদক

রাজধানীর বিভিন্ন এলাকায় গত কয়েক দিন ধরে পরিস্থিতি স্বাভাবিক রাখতে আইনশৃঙ্খলা রক্ষাকারী বাহিনী তৎপর রয়েছে। স্থানীয় বাসিন্দারা জানান, নিত্যপ্রয়োজনীয় পণ্যের দাম বাড়ায় সাধারণ মানুষের জীবনযাত্রা কঠিন হয়ে পড়েছে। বাজারে চাল, ডাল, তেল ও সবজির দাম ঊর্ধ্বমুখী। সংশ্লিষ্ট কর্মকর্তারা বলছেন, পরিস্থিতি নিয়ন্ত্রণে প্রয়োজনীয় পদক্ষেপ গ্রহণ করা হয়েছে এবং শিগগিরই এর সুফল পাওয়া যাবে। বিশেষজ্ঞরা মনে করেন, সরবরাহ ব্যবস্থা স্বাভাবিক না হলে সংকট আরও দীর্ঘায়িত হতে পারে।

রাজধানীর বিভিন্ন এলাকায় গত কয়েক দিন ধরে পরিস্থিতি স্বাভাবিক রাখতে আইনশৃঙ্খলা রক্ষাকারী বাহিনী তৎপর রয়েছে। স্থানীয় বাসিন্দারা জানান, নিত্যপ্রয়োজনীয় পণ্যের দাম বাড়ায় সাধারণ মানুষের জীবনযাত্রা কঠিন হয়ে পড়েছে। বাজারে চাল, ডাল, তেল ও সবজির দাম ঊর্ধ্বমুখী। সংশ্লিষ্ট কর্মকর্তারা বলছেন, পরিস্থিতি নিয়ন্ত্রণে প্রয়োজনীয় পদক্ষেপ গ্রহণ করা হয়েছে এবং শিগগিরই এর সুফল পাওয়া যাবে। বিশেষজ্ঞরা মনে করেন, সরবরাহ ব্যবস্থা স্বাভাবিক না হলে সংকট আরও দীর্ঘায়িত হতে পারে।

রাজধানীর বিভিন্ন এলাকায় গত কয়েক দিন ধরে পরিস্থিতি স্বাভাবিক রাখতে আইনশৃঙ্খলা রক্ষাকারী বাহিনী তৎপর রয়েছে। স্থানীয় বাসিন্দারা জানান, নিত্যপ্রয়োজনীয় পণ্যের দাম বাড়ায় সাধারণ মানুষের জীবনযাত্রা কঠিন হয়ে পড়েছে। বাজারে চাল, ডাল, তেল ও সবজির দাম ঊর্ধ্বমুখী। সংশ্লিষ্ট কর্মকর্তারা বলছেন, পরিস্থিতি নিয়ন্ত্রণে প্রয়োজনীয় পদক্ষেপ গ্রহণ করা হয়েছে এবং শিগগিরই এর সুফল পাওয়া যাবে। বিশেষজ্ঞরা মনে করেন, সরবরাহ ব্যবস্থা স্বাভাবিক না হলে সংকট আরও দীর্ঘায়িত হতে পারে।

চাপ নিয়মেতে
অর্থনৈতিক প্রতিবেদক

রাজধানীর বিভিন্ন এলাকায় গত কয়েক দিন ধরে পরিস্থিতি স্বাভাবিক রাখতে আইনশৃঙ্খলা রক্ষাকারী বাহিনী তৎপর রয়েছে। স্থানীয় বাসিন্দারা জানান, নিত্যপ্রয়োজনীয় পণ্যের দাম বাড়ায় সাধারণ মানুষের জীবনযাত্রা কঠিন হয়ে পড়েছে। বাজারে চাল, ডাল, তেল ও সবজির দাম ঊর্ধ্বমুখী। সংশ্লিষ্ট কর্মকর্তারা বলছেন, পরিস্থিতি নিয়ন্ত্রণে প্রয়োজনীয় পদক্ষেপ গ্রহণ করা হয়েছে এবং শিগগিরই এর সুফল পাওয়া যাবে। বিশেষজ্ঞরা মনে করেন, সরবরাহ ব্যবস্থা স্বাভাবিক না হলে সংকট আরও দীর্ঘায়িত হতে পারে।

রাজধানীর বিভিন্ন এলাকায় গত কয়েক দিন ধরে পরিস্থিতি স্বাভাবিক রাখতে আইনশৃঙ্খলা রক্ষাকারী বাহিনী তৎপর রয়েছে। স্থানীয় বাসিন্দারা জানান, নিত্যপ্রয়োজনীয় পণ্যের দাম বাড়ায় সাধারণ মানুষের জীবনযাত্রা কঠিন হয়ে পড়েছে। বাজারে চাল, ডাল, তেল ও সবজির দাম ঊর্ধ্বমুখী। সংশ্লিষ্ট কর্মকর্তারা বলছেন, পরিস্থিতি নিয়ন্ত্রণে প্রয়োজনীয় পদক্ষেপ গ্রহণ করা হয়েছে এবং শিগগিরই এর সুফল পাওয়া যাবে। বিশেষজ্ঞরা মনে করেন, সরবরাহ ব্যবস্থা স্বাভাবিক না হলে সংকট আরও দীর্ঘায়িত হতে পারে।

রাজধানীর বিভিন্ন এলাকায় গত কয়েক দিন ধরে পরিস্থিতি স্বাভাবিক রাখতে আইনশৃঙ্খলা রক্ষাকারী বাহিনী তৎপর রয়েছে। স্থানীয় বাসিন্দারা জানান, নিত্যপ্রয়োজনীয় পণ্যের দাম বাড়ায় সাধারণ মানুষের জীবনযাত্রা কঠিন হয়ে পড়েছে। বাজারে চাল, ডাল, তেল ও সবজির দাম ঊর্ধ্বমুখী। সংশ্লিষ্ট কর্মকর্তারা বলছেন, পরিস্থিতি নিয়ন্ত্রণে প্রয়োজনীয় পদক্ষেপ গ্রহণ করা হয়েছে এবং শিগগিরই এর সুফল পাওয়া যাবে। বিশেষজ্ঞরা মনে করেন, সরবরাহ ব্যবস্থা স্বাভাবিক না হলে সংকট আরও দীর্ঘায়িত হতে পারে।

রাজধানীর বিভিন্ন এলাকায় গত কয়েক দিন ধরে পরিস্থিতি স্বাভাবিক রাখতে আইনশৃঙ্খলা রক্ষাকারী বাহিনী তৎপর রয়েছে। স্থানীয় বাসিন্দারা জানান, নিত্যপ্রয়োজনীয় পণ্যের দাম বাড়ায় সাধারণ মানুষের জীবনযাত্রা কঠিন হয়ে পড়েছে। বাজারে চাল, ডাল, তেল ও সবজির দাম ঊর্ধ্বমুখী। সংশ্লিষ্ট কর্মকর্তারা বলছেন, পরিস্থিতি নিয়ন্ত্রণে প্রয়োজনীয় পদক্ষেপ গ্রহণ করা হয়েছে এবং শিগগিরই এর সুফল পাওয়া যাবে। বিশেষজ্ঞরা মনে করেন, সরবরাহ ব্যবস্থা স্বাভাবিক না হলে সংকট আরও দীর্ঘায়িত হতে পারে।

রাজধানীর বিভিন্ন এলাকায় গত কয়েক দিন ধরে পরিস্থিতি স্বাভাবিক রাখতে আইনশৃঙ্খলা রক্ষাকারী বাহিনী তৎপর রয়েছে। স্থানীয় বাসিন্দারা জানান, নিত্যপ্রয়োজনীয় পণ্যের দাম বাড়ায় সাধারণ মানুষের জীবনযাত্রা কঠিন হয়ে পড়েছে। বাজারে চাল, ডাল, তেল ও সবজির দাম ঊর্ধ্বমুখী। সংশ্লিষ্ট কর্মকর্তারা বলছেন, পরিস্থিতি নিয়ন্ত্রণে প্রয়োজনীয় পদক্ষেপ গ্রহণ করা হয়েছে এবং শিগগিরই এর সুফল পাওয়া যাবে। বিশেষজ্ঞরা মনে করেন, সরবরাহ ব্যবস্থা স্বাভাবিক না হলে সংকট আরও দীর্ঘায়িত হতে পারে।

রাজধানীর বিভিন্ন এলাকায় গত কয়েক দিন ধরে পরিস্থিতি স্বাভাবিক রাখতে আইনশৃঙ্খলা রক্ষাকারী বাহিনী তৎপর রয়েছে। স্থানীয় বাসিন্দারা জানান, নিত্যপ্রয়োজনীয় পণ্যের দাম বাড়ায় সাধারণ মানুষের জীবনযাত্রা কঠিন হয়ে পড়েছে। বাজারে চাল, ডাল, তেল ও সবজির দাম ঊর্ধ্বমুখী। সংশ্লিষ্ট কর্মকর্তারা বলছেন, পরিস্থিতি নিয়ন্ত্রণে প্রয়োজনীয় পদক্ষেপ গ্রহণ করা হয়েছে এবং শিগগিরই এর সুফল পাওয়া যাবে। বিশেষজ্ঞরা মনে করেন, সরবরাহ ব্যবস্থা স্বাভাবিক না হলে সংকট আরও দীর্ঘায়িত হতে পারে।

রাজধানীর বিভিন্ন এলাকায় গত কয়েক দিন ধরে পরিস্থিতি স্বাভাবিক রাখতে আইনশৃঙ্খলা রক্ষাকারী বাহিনী তৎপর রয়েছে। স্থানীয় বাসিন্দারা জানান, নিত্যপ্রয়োজনীয় পণ্যের দাম বাড়ায় সাধারণ মানুষের জীবনযাত্রা কঠিন হয়ে পড়েছে। বাজারে চাল, ডাল, তেল ও সবজির দাম ঊর্ধ্বমুখী। সংশ্লিষ্ট কর্মকর্তারা বলছেন, পরিস্থিতি নিয়ন্ত্রণে প্রয়োজনীয় পদক্ষেপ গ্রহণ করা হয়েছে এবং শিগগিরই এর সুফল পাওয়া যাবে। বিশেষজ্ঞরা মনে করেন, সরবরাহ ব্যবস্থা স্বাভাবিক না হলে সংকট আরও দীর্ঘায়িত হতে পারে।

১ হাজার টাকার
নিজস্ব প্রতিবেদক

রাজধানীর বিভিন্ন এলাকায় গত কয়েক দিন ধরে পরিস্থিতি স্বাভাবিক রাখতে আইনশৃঙ্খলা রক্ষাকারী বাহিনী তৎপর রয়েছে। স্থানীয় বাসিন্দারা জানান, নিত্যপ্রয়োজনীয় পণ্যের দাম বাড়ায় সাধারণ মানুষের জীবনযাত্রা কঠিন হয়ে পড়েছে। বাজারে চাল, ডাল, তেল ও সবজির দাম ঊর্ধ্বমুখী। সংশ্লিষ্ট কর্মকর্তারা বলছেন, পরিস্থিতি নিয়ন্ত্রণে প্রয়োজনীয় পদক্ষেপ গ্রহণ করা হয়েছে এবং শিগগিরই এর সুফল পাওয়া যাবে। বিশেষজ্ঞরা মনে করেন, সরবরাহ ব্যবস্থা স্বাভাবিক না হলে সংকট আরও দীর্ঘায়িত হতে পারে।

রাজধানীর বিভিন্ন এলাকায় গত কয়েক দিন ধরে পরিস্থিতি স্বাভাবিক রাখতে আইনশৃঙ্খলা রক্ষাকারী বাহিনী তৎপর রয়েছে। স্থানীয় বাসিন্দারা জানান, নিত্যপ্রয়োজনীয় পণ্যের দাম বাড়ায় সাধারণ মানুষের জীবনযাত্রা কঠিন হয়ে পড়েছে। বাজারে চাল, ডাল, তেল ও সবজির দাম ঊর্ধ্বমুখী। সংশ্লিষ্ট কর্মকর্তারা বলছেন, পরিস্থিতি নিয়ন্ত্রণে প্রয়োজনীয় পদক্ষেপ গ্রহণ করা হয়েছে এবং শিগগিরই এর সুফল পাওয়া যাবে। বিশেষজ্ঞরা মনে করেন, সরবরাহ ব্যবস্থা স্বাভাবিক না হলে সংকট আরও দীর্ঘায়িত হতে পারে।

দেশের দিশিত
স্টাফ রিপোর্টার

রাজধানীর বিভিন্ন এলাকায় গত কয়েক দিন ধরে পরিস্থিতি স্বাভাবিক রাখতে আইনশৃঙ্খলা রক্ষাকারী বাহিনী তৎপর রয়েছে। স্থানীয় বাসিন্দারা জানান, নিত্যপ্রয়োজনীয় পণ্যের দাম বাড়ায় সাধারণ মানুষের জীবনযাত্রা কঠিন হয়ে পড়েছে। বাজারে চাল, ডাল, তেল ও সবজির দাম ঊর্ধ্বমুখী। সংশ্লিষ্ট কর্মকর্তারা বলছেন, পরিস্থিতি নিয়ন্ত্রণে প্রয়োজনীয় পদক্ষেপ গ্রহণ করা হয়েছে এবং শিগগিরই এর সুফল পাওয়া যাবে। বিশেষজ্ঞরা মনে করেন, সরবরাহ ব্যবস্থা স্বাভাবিক না হলে সংকট আরও দীর্ঘায়িত হতে পারে।

রাজধানীর বিভিন্ন এলাকায় গত কয়েক দিন ধরে পরিস্থিতি স্বাভাবিক রাখতে আইনশৃঙ্খলা রক্ষাকারী বাহিনী তৎপর রয়েছে। স্থানীয় বাসিন্দারা জানান, নিত্যপ্রয়োজনীয় পণ্যের দাম বাড়ায় সাধারণ মানুষের জীবনযাত্রা কঠিন হয়ে পড়েছে। বাজারে চাল, ডাল, তেল ও সবজির দাম ঊর্ধ্বমুখী। সংশ্লিষ্ট কর্মকর্তারা বলছেন, পরিস্থিতি নিয়ন্ত্রণে প্রয়োজনীয় পদক্ষেপ গ্রহণ করা হয়েছে এবং শিগগিরই এর সুফল পাওয়া যাবে। বিশেষজ্ঞরা মনে করেন, সরবরাহ ব্যবস্থা স্বাভাবিক না হলে সংকট আরও দীর্ঘায়িত হতে পারে।

চাপ বাড়ছে পোশাকশিল্পে
বাণিজ্য প্রতিবেদক

রাজধানীর বিভিন্ন এলাকায় গত কয়েক দিন ধরে পরিস্থিতি স্বাভাবিক রাখতে আইনশৃঙ্খলা রক্ষাকারী বাহিনী তৎপর রয়েছে। স্থানীয় বাসিন্দারা জানান, নিত্যপ্রয়োজনীয় পণ্যের দাম বাড়ায় সাধারণ মানুষের জীবনযাত্রা কঠিন হয়ে পড়েছে। বাজারে চাল, ডাল, তেল ও সবজির দাম ঊর্ধ্বমুখী। সংশ্লিষ্ট কর্মকর্তারা বলছেন, পরিস্থিতি নিয়ন্ত্রণে প্রয়োজনীয় পদক্ষেপ গ্রহণ করা হয়েছে এবং শিগগিরই এর সুফল পাওয়া যাবে। বিশেষজ্ঞরা মনে করেন, সরবরাহ ব্যবস্থা স্বাভাবিক না হলে সংকট আরও দীর্ঘায়িত হতে পারে।

রাজধানীর বিভিন্ন এলাকায় গত কয়েক দিন ধরে পরিস্থিতি স্বাভাবিক রাখতে আইনশৃঙ্খলা রক্ষাকারী বাহিনী তৎপর রয়েছে। স্থানীয় বাসিন্দারা জানান, নিত্যপ্রয়োজনীয় পণ্যের দাম বাড়ায় সাধারণ মানুষের জীবনযাত্রা কঠিন হয়ে পড়েছে। বাজারে চাল, ডাল, তেল ও সবজির দাম ঊর্ধ্বমুখী। সংশ্লিষ্ট কর্মকর্তারা বলছেন, পরিস্থিতি নিয়ন্ত্রণে প্রয়োজনীয় পদক্ষেপ গ্রহণ করা হয়েছে এবং শিগগিরই এর সুফল পাওয়া যাবে। বিশেষজ্ঞরা মনে করেন, সরবরাহ ব্যবস্থা স্বাভাবিক না হলে সংকট আরও দীর্ঘায়িত হতে পারে।

রাজধানীর বিভিন্ন এলাকায় গত কয়েক দিন ধরে পরিস্থিতি স্বাভাবিক রাখতে আইনশৃঙ্খলা রক্ষাকারী বাহিনী তৎপর রয়েছে। স্থানীয় বাসিন্দারা জানান, নিত্যপ্রয়োজনীয় পণ্যের দাম বাড়ায় সাধারণ মানুষের জীবনযাত্রা কঠিন হয়ে পড়েছে। বাজারে চাল, ডাল, তেল ও সবজির দাম ঊর্ধ্বমুখী। সংশ্লিষ্ট কর্মকর্তারা বলছেন, পরিস্থিতি নিয়ন্ত্রণে প্রয়োজনীয় পদক্ষেপ গ্রহণ করা হয়েছে এবং শিগগিরই এর সুফল পাওয়া যাবে। বিশেষজ্ঞরা মনে করেন, সরবরাহ ব্যবস্থা স্বাভাবিক না হলে সংকট আরও দীর্ঘায়িত হতে পারে।

সুতা খাতে অস্থিরতা
নিজস্ব প্রতিবেদক

রাজধানীর বিভিন্ন এলাকায় গত কয়েক দিন ধরে পরিস্থিতি স্বাভাবিক রাখতে আইনশৃঙ্খলা রক্ষাকারী বাহিনী তৎপর রয়েছে। স্থানীয় বাসিন্দারা জানান, নিত্যপ্রয়োজনীয় পণ্যের দাম বাড়ায় সাধারণ মানুষের জীবনযাত্রা কঠিন হয়ে পড়েছে। বাজারে চাল, ডাল, তেল ও সবজির দাম ঊর্ধ্বমুখী। সংশ্লিষ্ট কর্মকর্তারা বলছেন, পরিস্থিতি নিয়ন্ত্রণে প্রয়োজনীয় পদক্ষেপ গ্রহণ করা হয়েছে এবং শিগগিরই এর সুফল পাওয়া যাবে। বিশেষজ্ঞরা মনে করেন, সরবরাহ ব্যবস্থা স্বাভাবিক না হলে সংকট আরও দীর্ঘায়িত হতে পারে।

প্রান্তিক পরিবর্তন
অনলাইন ডেস্ক

রাজধানীর বিভিন্ন এলাকায় গত কয়েক দিন ধরে পরিস্থিতি স্বাভাবিক রাখতে আইনশৃঙ্খলা রক্ষাকারী বাহিনী তৎপর রয়েছে। স্থানীয় বাসিন্দারা জানান, নিত্যপ্রয়োজনীয় পণ্যের দাম বাড়ায় সাধারণ মানুষের জীবনযাত্রা কঠিন হয়ে পড়েছে। বাজারে চাল, ডাল, তেল ও সবজির দাম ঊর্ধ্বমুখী। সংশ্লিষ্ট কর্মকর্তারা বলছেন, পরিস্থিতি নিয়ন্ত্রণে প্রয়োজনীয় পদক্ষেপ গ্রহণ করা হয়েছে এবং শিগগিরই এর সুফল পাওয়া যাবে। বিশেষজ্ঞরা মনে করেন, সরবরাহ ব্যবস্থা স্বাভাবিক না হলে সংকট আরও দীর্ঘায়িত হতে পারে।

রাজধানীর বিভিন্ন এলাকায় গত কয়েক দিন ধরে পরিস্থিতি স্বাভাবিক রাখতে আইনশৃঙ্খলা রক্ষাকারী বাহিনী তৎপর রয়েছে। স্থানীয় বাসিন্দারা জানান, নিত্যপ্রয়োজনীয় পণ্যের দাম বাড়ায় সাধারণ মানুষের জীবনযাত্রা কঠিন হয়ে পড়েছে। বাজারে চাল, ডাল, তেল ও সবজির দাম ঊর্ধ্বমুখী। সংশ্লিষ্ট কর্মকর্তারা বলছেন, পরিস্থিতি নিয়ন্ত্রণে প্রয়োজনীয় পদক্ষেপ গ্রহণ করা হয়েছে এবং শিগগিরই এর সুফল পাওয়া যাবে। বিশেষজ্ঞরা মনে করেন, সরবরাহ ব্যবস্থা স্বাভাবিক না হলে সংকট আরও দীর্ঘায়িত হতে পারে।
